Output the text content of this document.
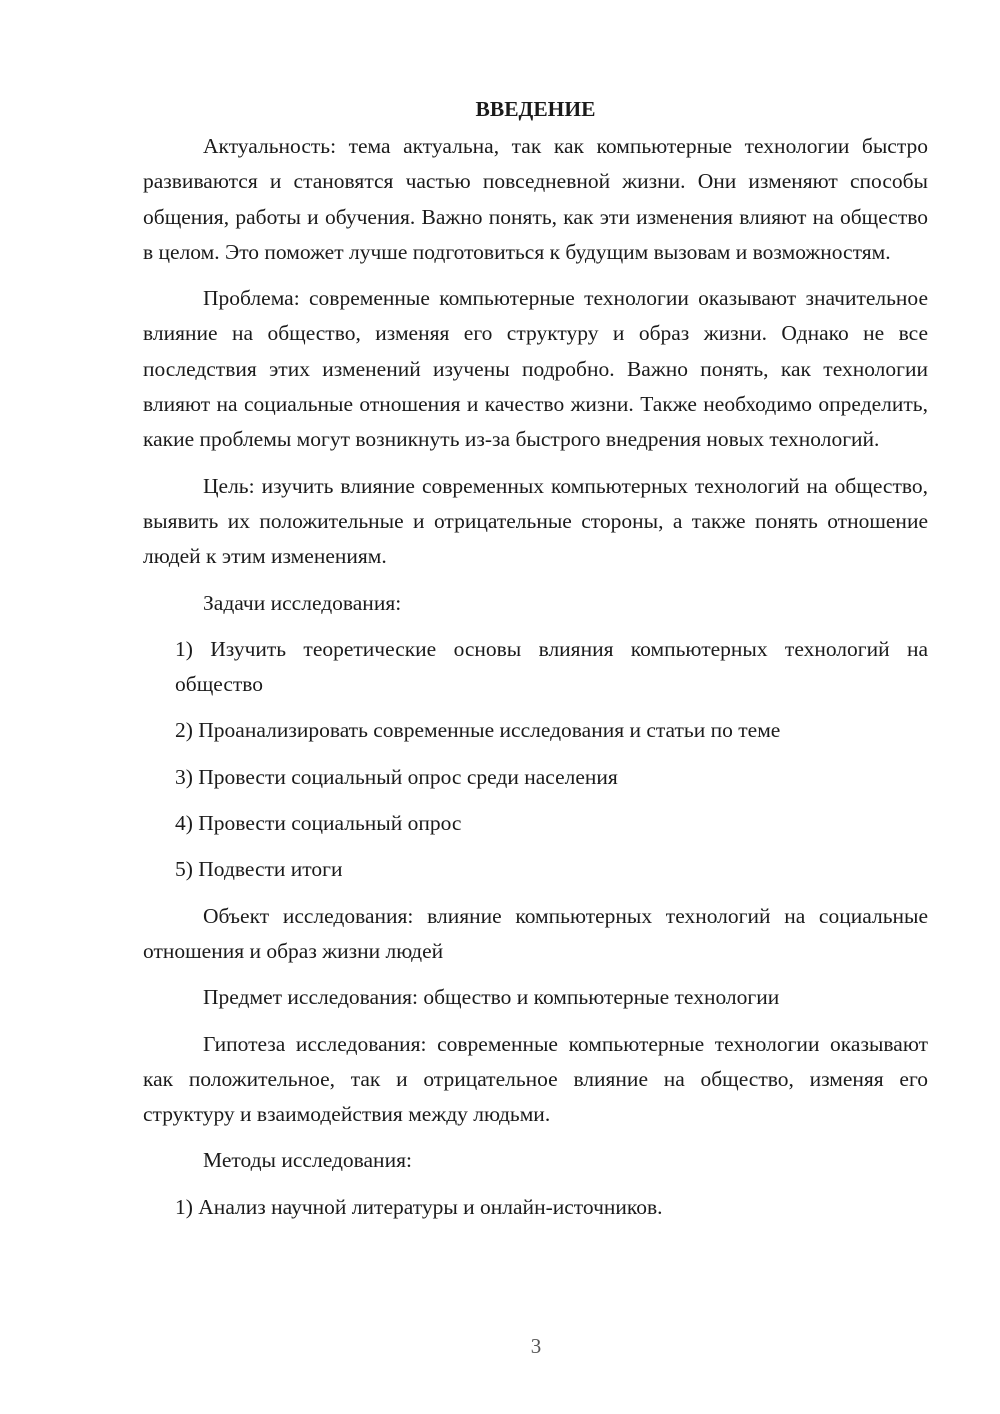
ВВЕДЕНИЕ

Актуальность: тема актуальна, так как компьютерные технологии быстро развиваются и становятся частью повседневной жизни. Они изменяют способы общения, работы и обучения. Важно понять, как эти изменения влияют на общество в целом. Это поможет лучше подготовиться к будущим вызовам и возможностям.

Проблема: современные компьютерные технологии оказывают значительное влияние на общество, изменяя его структуру и образ жизни. Однако не все последствия этих изменений изучены подробно. Важно понять, как технологии влияют на социальные отношения и качество жизни. Также необходимо определить, какие проблемы могут возникнуть из-за быстрого внедрения новых технологий.

Цель: изучить влияние современных компьютерных технологий на общество, выявить их положительные и отрицательные стороны, а также понять отношение людей к этим изменениям.

Задачи исследования:

1) Изучить теоретические основы влияния компьютерных технологий на общество

2) Проанализировать современные исследования и статьи по теме

3) Провести социальный опрос среди населения

4) Провести социальный опрос

5) Подвести итоги

Объект исследования: влияние компьютерных технологий на социальные отношения и образ жизни людей

Предмет исследования: общество и компьютерные технологии

Гипотеза исследования: современные компьютерные технологии оказывают как положительное, так и отрицательное влияние на общество, изменяя его структуру и взаимодействия между людьми.

Методы исследования:

1) Анализ научной литературы и онлайн-источников.

3
